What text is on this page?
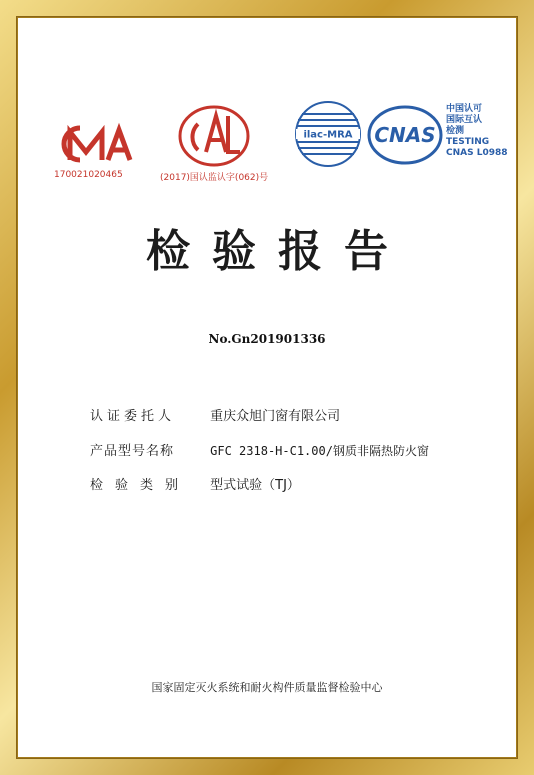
170021020465	(2017)国认监认字(062)号
ilac-MRA CNAS
中国认可
国际互认
检测
TESTING
CNAS L0988
检验报告
No.Gn201901336
认证委托人	重庆众旭门窗有限公司
产品型号名称	GFC 2318-H-C1.00/钢质非隔热防火窗
检验类别 型式试验（TJ）
国家固定灭火系统和耐火构件质量监督检验中心
